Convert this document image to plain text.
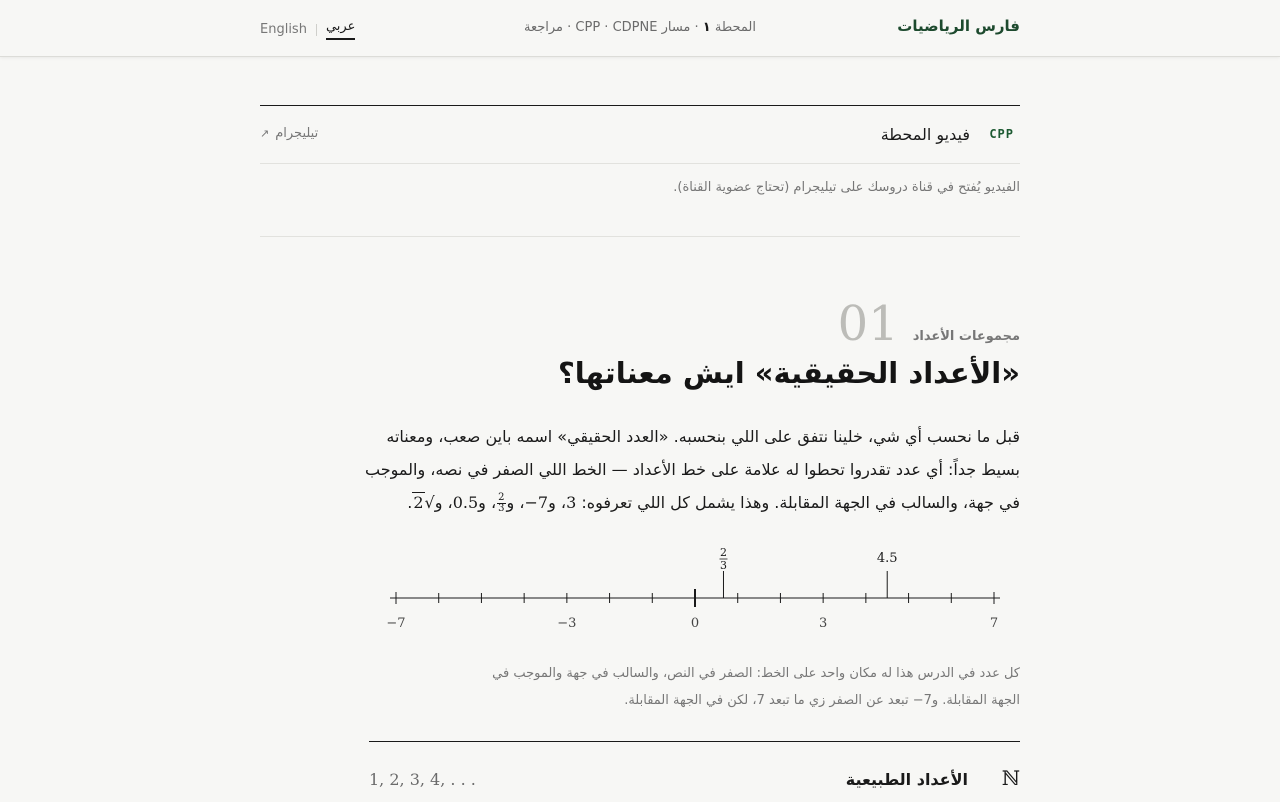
فارس الرياضيات
المحطة ١ · مسار CPP · CDPNE · مراجعة
English عربي
CPP
فيديو المحطة
تيليجرام↗
الفيديو يُفتح في قناة دروسك على تيليجرام (تحتاج عضوية القناة).
مجموعات الأعداد
01
«الأعداد الحقيقية» ايش معناتها؟
قبل ما نحسب أي شي، خلينا نتفق على اللي بنحسبه. «العدد الحقيقي» اسمه باين صعب، ومعناته بسيط جداً: أي عدد تقدروا تحطوا له علامة على خط الأعداد — الخط اللي الصفر في نصه، والموجب في جهة، والسالب في الجهة المقابلة. وهذا يشمل كل اللي تعرفوه: 3، و−7، و
$\frac{2}{3}$
، و0.5، و√2.
−7	−3	0	3	7
2
3	4.5
كل عدد في الدرس هذا له مكان واحد على الخط: الصفر في النص، والسالب في جهة والموجب في الجهة المقابلة. و7− تبعد عن الصفر زي ما تبعد 7، لكن في الجهة المقابلة.
ℕ
الأعداد الطبيعية
1, 2, 3, 4, . . .
